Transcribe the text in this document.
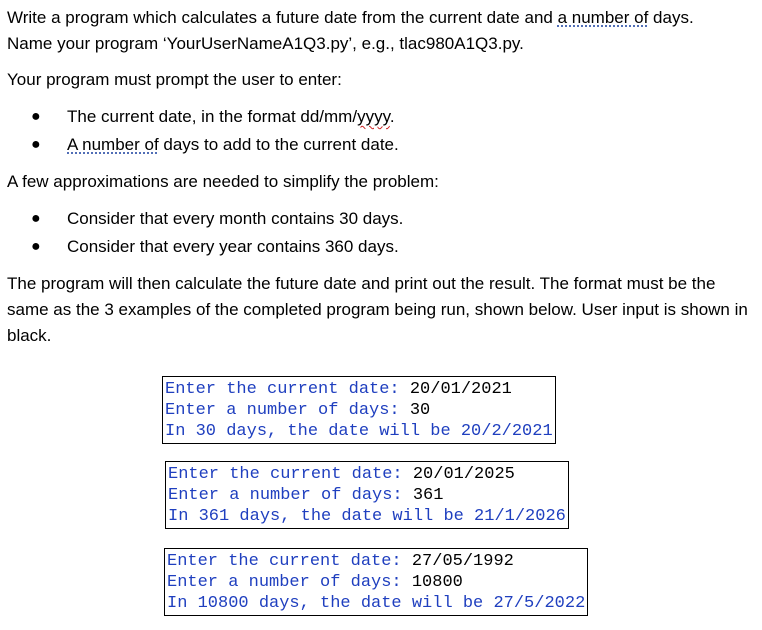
Write a program which calculates a future date from the current date and a number of days.

Name your program ‘YourUserNameA1Q3.py’, e.g., tlac980A1Q3.py.

Your program must prompt the user to enter:

● The current date, in the format dd/mm/yyyy.
● A number of days to add to the current date.

A few approximations are needed to simplify the problem:

● Consider that every month contains 30 days.
● Consider that every year contains 360 days.

The program will then calculate the future date and print out the result. The format must be the same as the 3 examples of the completed program being run, shown below. User input is shown in black.

Enter the current date: 20/01/2021
Enter a number of days: 30
In 30 days, the date will be 20/2/2021
Enter the current date: 20/01/2025
Enter a number of days: 361
In 361 days, the date will be 21/1/2026
Enter the current date: 27/05/1992
Enter a number of days: 10800
In 10800 days, the date will be 27/5/2022
